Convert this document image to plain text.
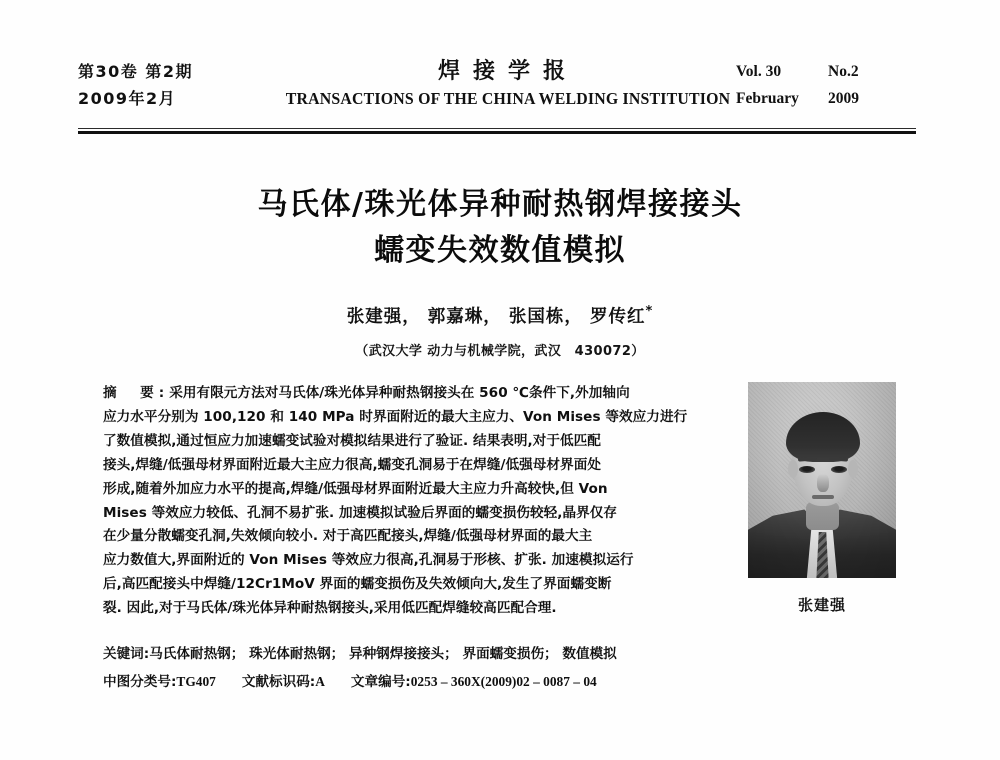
第30卷 第2期
2009年2月
焊接学报
TRANSACTIONS OF THE CHINA WELDING INSTITUTION
Vol. 30	No.2
February	2009
马氏体/珠光体异种耐热钢焊接接头
蠕变失效数值模拟
张建强， 郭嘉琳， 张国栋， 罗传红*
（武汉大学 动力与机械学院，武汉　430072）
摘　要:采用有限元方法对马氏体/珠光体异种耐热钢接头在 560 ℃条件下,外加轴向
应力水平分别为 100,120 和 140 MPa 时界面附近的最大主应力、Von Mises 等效应力进行
了数值模拟,通过恒应力加速蠕变试验对模拟结果进行了验证. 结果表明,对于低匹配
接头,焊缝/低强母材界面附近最大主应力很高,蠕变孔洞易于在焊缝/低强母材界面处
形成,随着外加应力水平的提高,焊缝/低强母材界面附近最大主应力升高较快,但 Von
Mises 等效应力较低、孔洞不易扩张. 加速模拟试验后界面的蠕变损伤较轻,晶界仅存
在少量分散蠕变孔洞,失效倾向较小. 对于高匹配接头,焊缝/低强母材界面的最大主
应力数值大,界面附近的 Von Mises 等效应力很高,孔洞易于形核、扩张. 加速模拟运行
后,高匹配接头中焊缝/12Cr1MoV 界面的蠕变损伤及失效倾向大,发生了界面蠕变断
裂. 因此,对于马氏体/珠光体异种耐热钢接头,采用低匹配焊缝较高匹配合理.
关键词:马氏体耐热钢； 珠光体耐热钢； 异种钢焊接接头； 界面蠕变损伤； 数值模拟
中图分类号:TG407 文献标识码:A 文章编号:0253 – 360X(2009)02 – 0087 – 04
张建强
